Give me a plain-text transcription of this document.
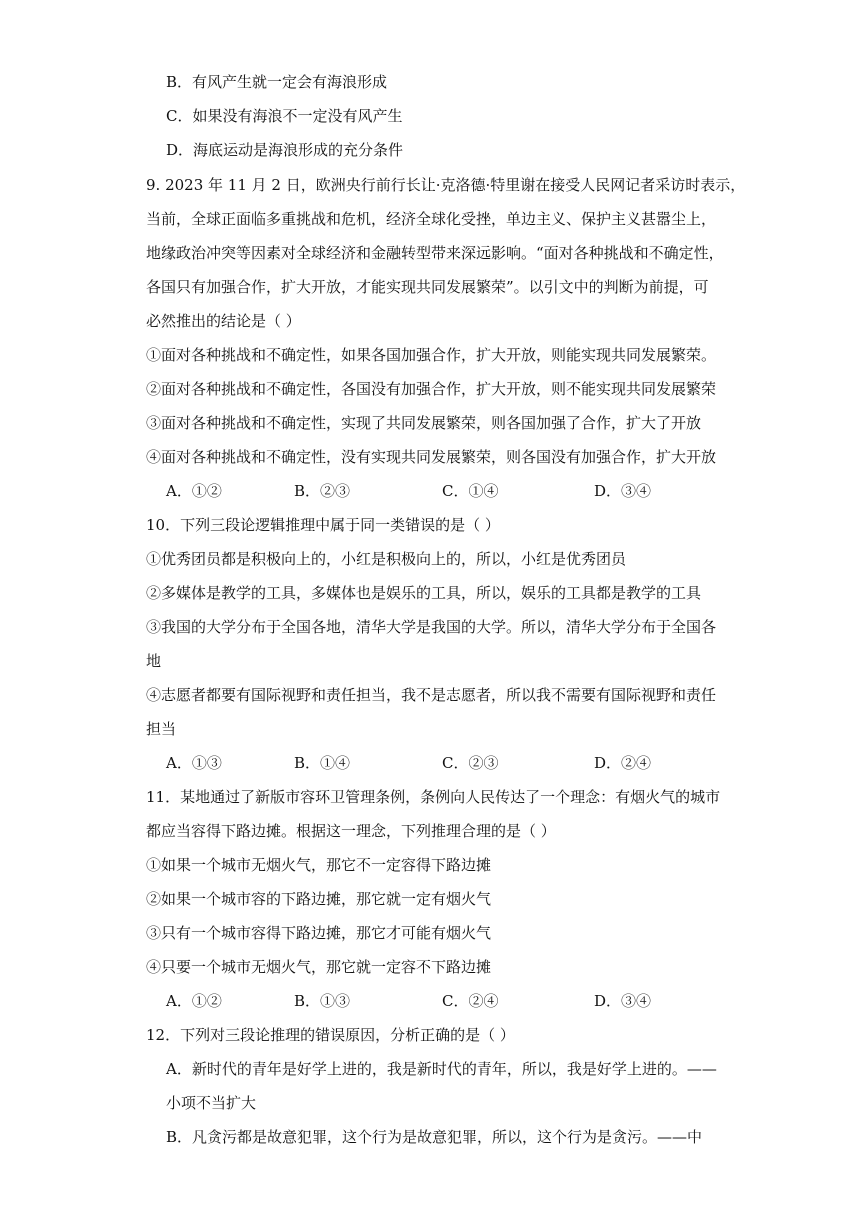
B．有风产生就一定会有海浪形成
C．如果没有海浪不一定没有风产生
D．海底运动是海浪形成的充分条件
9. 2023 年 11 月 2 日，欧洲央行前行长让·克洛德·特里谢在接受人民网记者采访时表示，
当前，全球正面临多重挑战和危机，经济全球化受挫，单边主义、保护主义甚嚣尘上，
地缘政治冲突等因素对全球经济和金融转型带来深远影响。“面对各种挑战和不确定性，
各国只有加强合作，扩大开放，才能实现共同发展繁荣”。以引文中的判断为前提，可
必然推出的结论是（ ）
①面对各种挑战和不确定性，如果各国加强合作，扩大开放，则能实现共同发展繁荣。
②面对各种挑战和不确定性，各国没有加强合作，扩大开放，则不能实现共同发展繁荣
③面对各种挑战和不确定性，实现了共同发展繁荣，则各国加强了合作，扩大了开放
④面对各种挑战和不确定性，没有实现共同发展繁荣，则各国没有加强合作，扩大开放
A．①②	B．②③	C．①④	D．③④
10．下列三段论逻辑推理中属于同一类错误的是（ ）
①优秀团员都是积极向上的，小红是积极向上的，所以，小红是优秀团员
②多媒体是教学的工具，多媒体也是娱乐的工具，所以，娱乐的工具都是教学的工具
③我国的大学分布于全国各地，清华大学是我国的大学。所以，清华大学分布于全国各
地
④志愿者都要有国际视野和责任担当，我不是志愿者，所以我不需要有国际视野和责任
担当
A．①③	B．①④	C．②③	D．②④
11．某地通过了新版市容环卫管理条例，条例向人民传达了一个理念：有烟火气的城市
都应当容得下路边摊。根据这一理念，下列推理合理的是（ ）
①如果一个城市无烟火气，那它不一定容得下路边摊
②如果一个城市容的下路边摊，那它就一定有烟火气
③只有一个城市容得下路边摊，那它才可能有烟火气
④只要一个城市无烟火气，那它就一定容不下路边摊
A．①②	B．①③	C．②④	D．③④
12．下列对三段论推理的错误原因，分析正确的是（ ）
A．新时代的青年是好学上进的，我是新时代的青年，所以，我是好学上进的。——
小项不当扩大
B．凡贪污都是故意犯罪，这个行为是故意犯罪，所以，这个行为是贪污。——中
